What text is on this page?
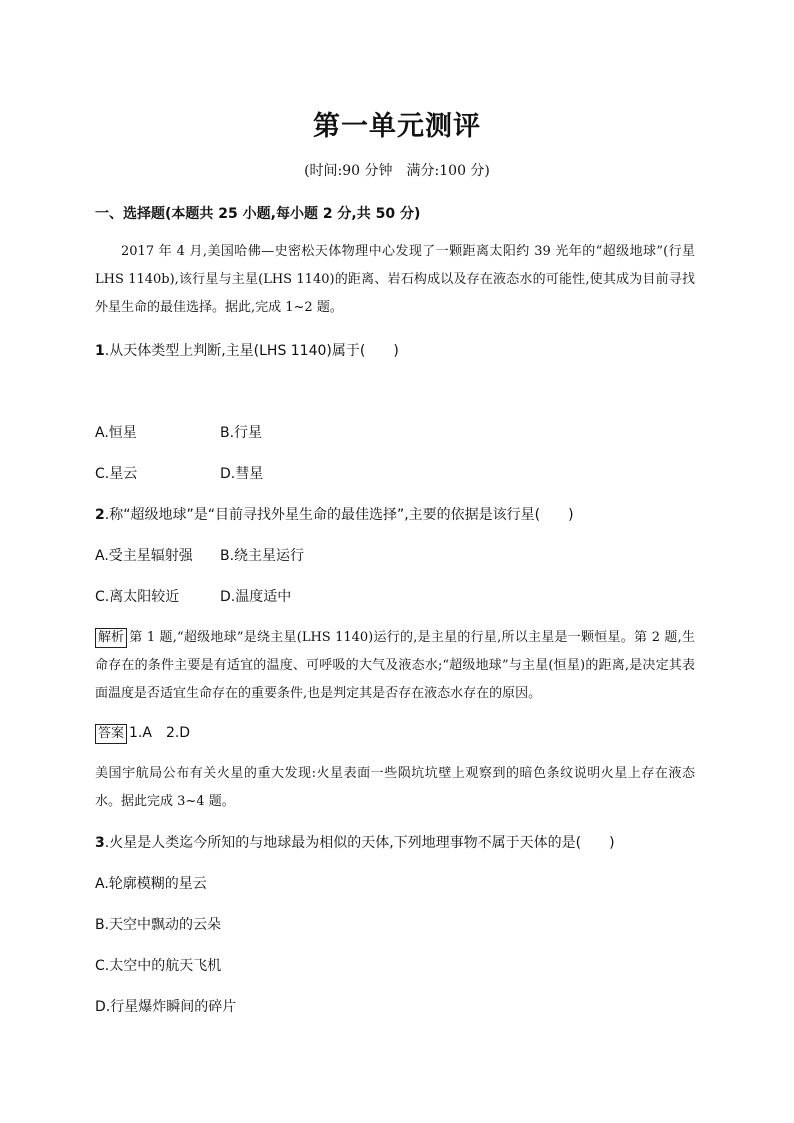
第一单元测评
(时间:90 分钟　满分:100 分)
一、选择题(本题共 25 小题,每小题 2 分,共 50 分)
2017 年 4 月,美国哈佛—史密松天体物理中心发现了一颗距离太阳约 39 光年的“超级地球”(行星 LHS 1140b),该行星与主星(LHS 1140)的距离、岩石构成以及存在液态水的可能性,使其成为目前寻找外星生命的最佳选择。据此,完成 1~2 题。
1.从天体类型上判断,主星(LHS 1140)属于(　　)
A.恒星	B.行星
C.星云	D.彗星
2.称“超级地球”是“目前寻找外星生命的最佳选择”,主要的依据是该行星(　　)
A.受主星辐射强 B.绕主星运行
C.离太阳较近	D.温度适中
解析 第 1 题,“超级地球”是绕主星(LHS 1140)运行的,是主星的行星,所以主星是一颗恒星。第 2 题,生命存在的条件主要是有适宜的温度、可呼吸的大气及液态水;“超级地球”与主星(恒星)的距离,是决定其表面温度是否适宜生命存在的重要条件,也是判定其是否存在液态水存在的原因。
答案 1.A　2.D
美国宇航局公布有关火星的重大发现:火星表面一些陨坑坑壁上观察到的暗色条纹说明火星上存在液态水。据此完成 3~4 题。
3.火星是人类迄今所知的与地球最为相似的天体,下列地理事物不属于天体的是(　　)
A.轮廓模糊的星云
B.天空中飘动的云朵
C.太空中的航天飞机
D.行星爆炸瞬间的碎片
